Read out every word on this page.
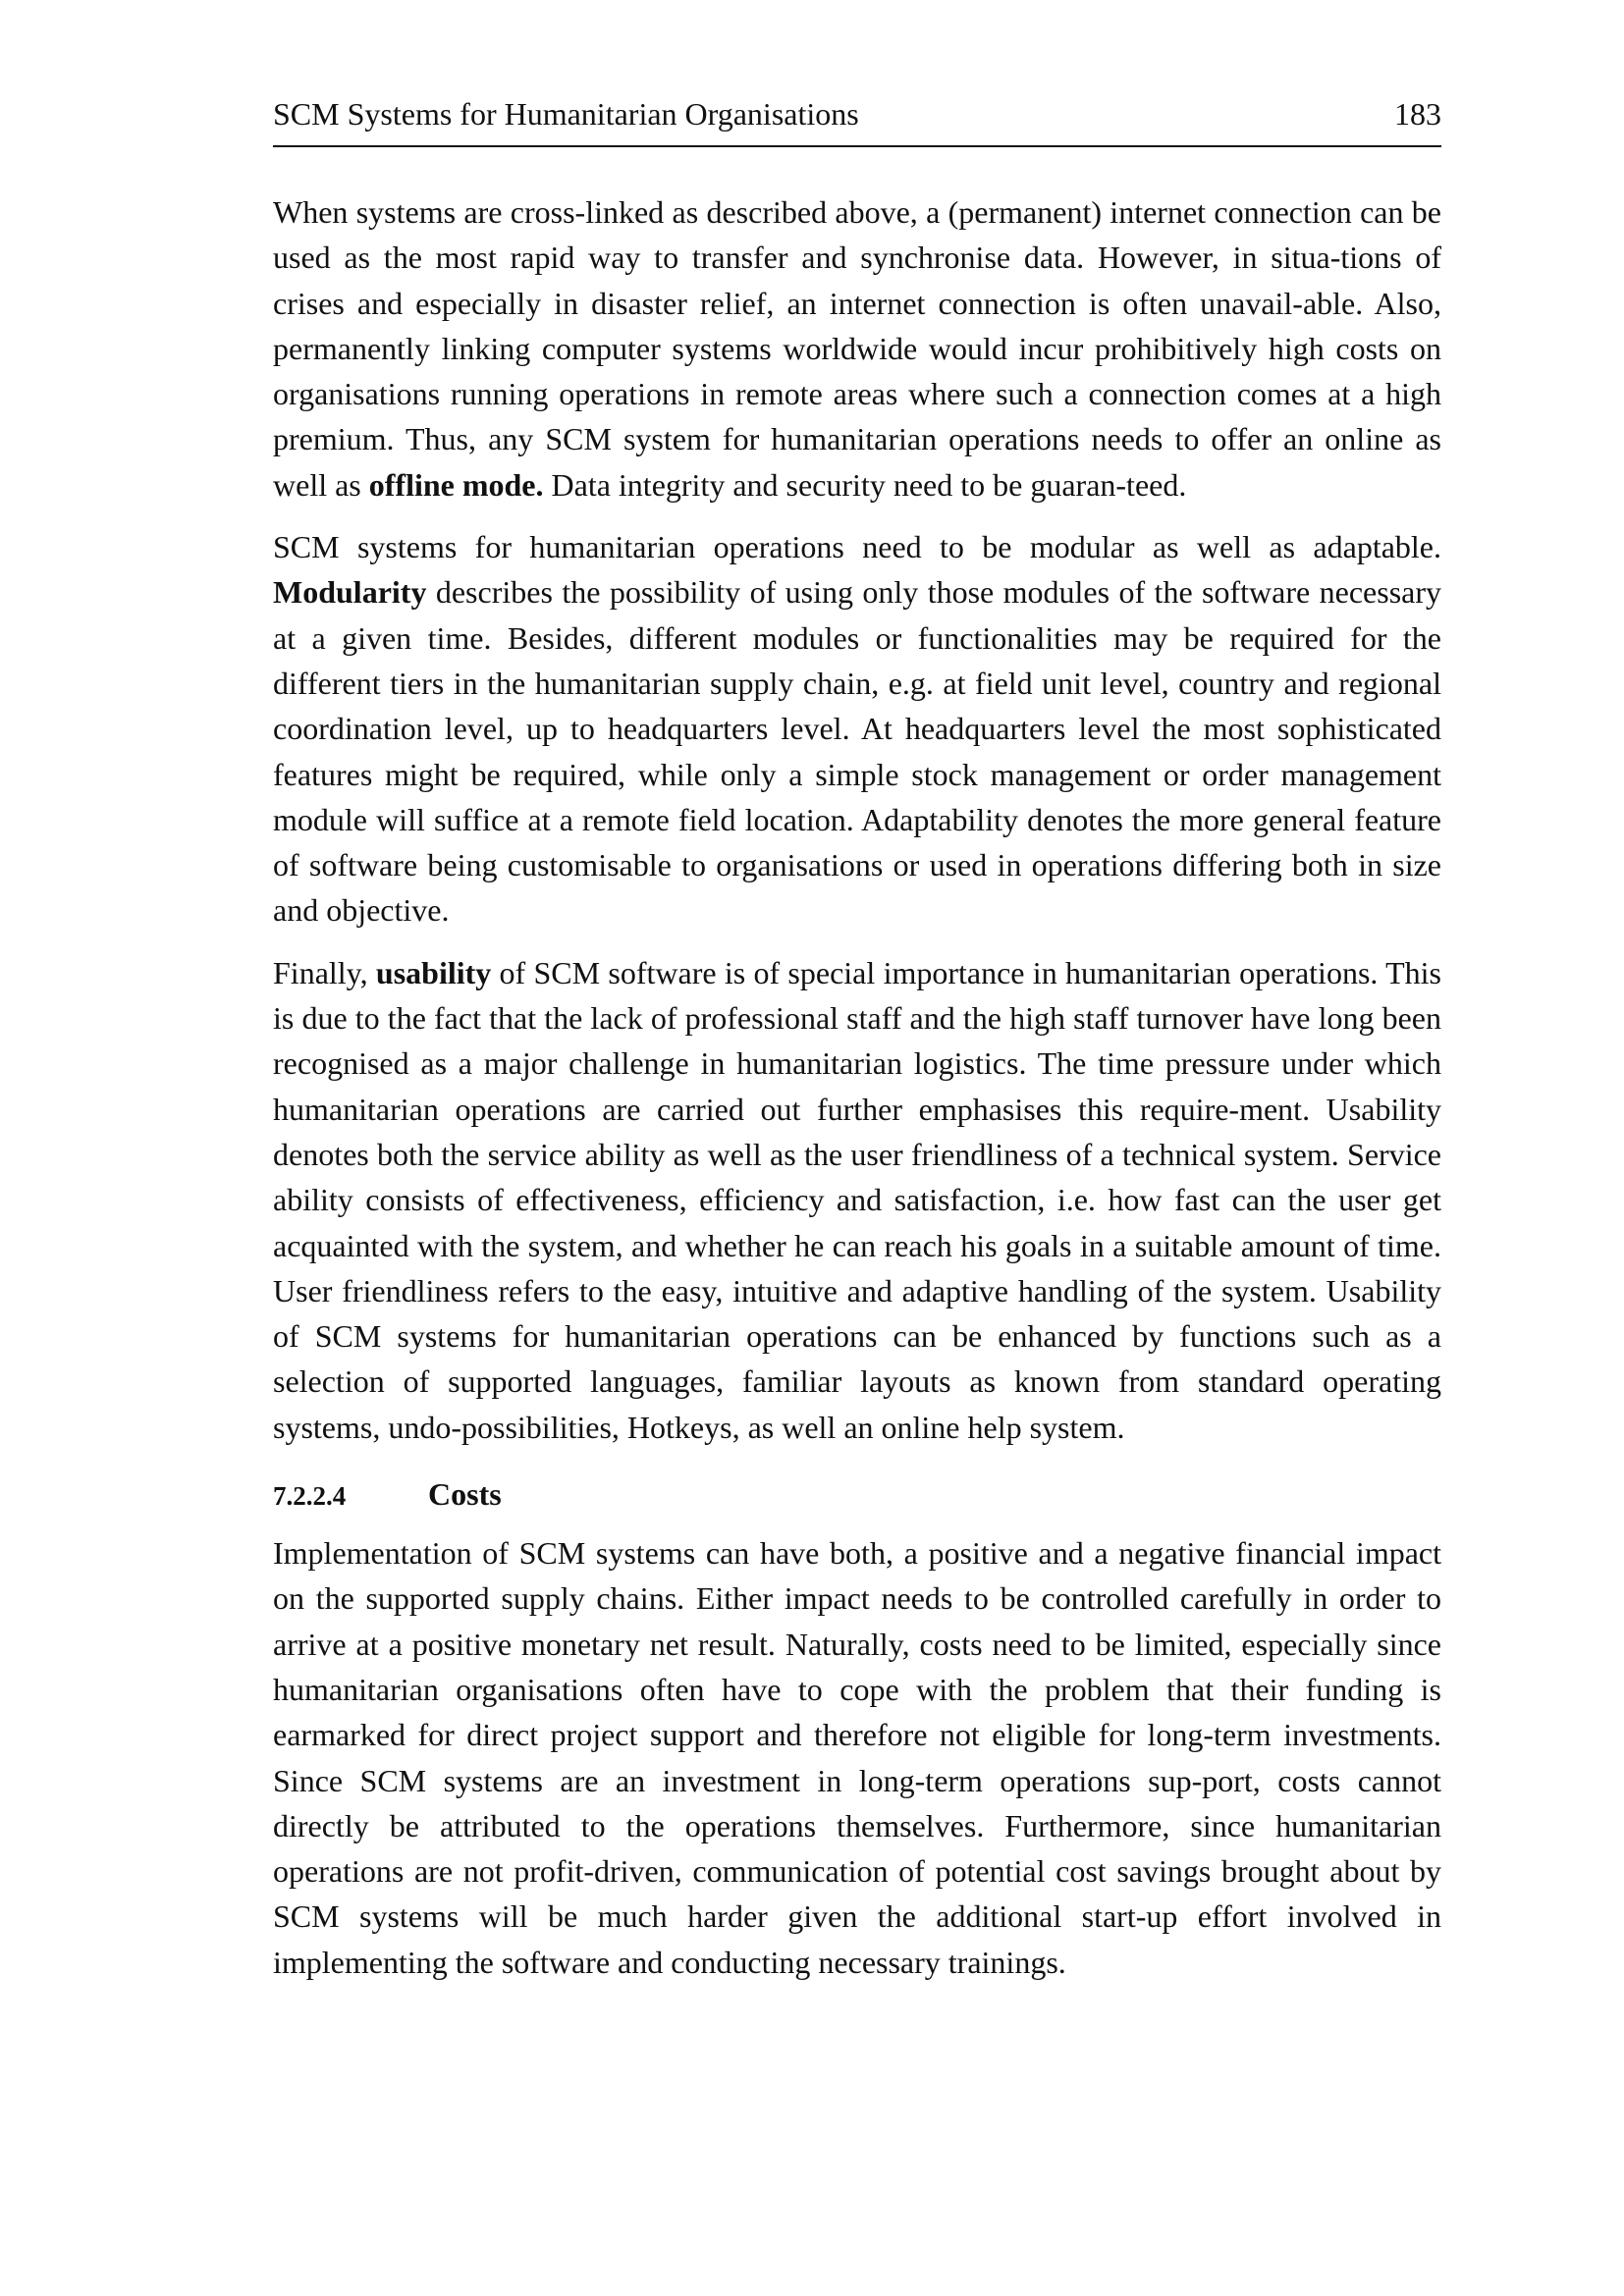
SCM Systems for Humanitarian Organisations	183

When systems are cross-linked as described above, a (permanent) internet connection can be used as the most rapid way to transfer and synchronise data. However, in situa-tions of crises and especially in disaster relief, an internet connection is often unavail-able. Also, permanently linking computer systems worldwide would incur prohibitively high costs on organisations running operations in remote areas where such a connection comes at a high premium. Thus, any SCM system for humanitarian operations needs to offer an online as well as offline mode. Data integrity and security need to be guaran-teed.

SCM systems for humanitarian operations need to be modular as well as adaptable. Modularity describes the possibility of using only those modules of the software necessary at a given time. Besides, different modules or functionalities may be required for the different tiers in the humanitarian supply chain, e.g. at field unit level, country and regional coordination level, up to headquarters level. At headquarters level the most sophisticated features might be required, while only a simple stock management or order management module will suffice at a remote field location. Adaptability denotes the more general feature of software being customisable to organisations or used in operations differing both in size and objective.

Finally, usability of SCM software is of special importance in humanitarian operations. This is due to the fact that the lack of professional staff and the high staff turnover have long been recognised as a major challenge in humanitarian logistics. The time pressure under which humanitarian operations are carried out further emphasises this require-ment. Usability denotes both the service ability as well as the user friendliness of a technical system. Service ability consists of effectiveness, efficiency and satisfaction, i.e. how fast can the user get acquainted with the system, and whether he can reach his goals in a suitable amount of time. User friendliness refers to the easy, intuitive and adaptive handling of the system. Usability of SCM systems for humanitarian operations can be enhanced by functions such as a selection of supported languages, familiar layouts as known from standard operating systems, undo-possibilities, Hotkeys, as well an online help system.

7.2.2.4	Costs

Implementation of SCM systems can have both, a positive and a negative financial impact on the supported supply chains. Either impact needs to be controlled carefully in order to arrive at a positive monetary net result. Naturally, costs need to be limited, especially since humanitarian organisations often have to cope with the problem that their funding is earmarked for direct project support and therefore not eligible for long-term investments. Since SCM systems are an investment in long-term operations sup-port, costs cannot directly be attributed to the operations themselves. Furthermore, since humanitarian operations are not profit-driven, communication of potential cost savings brought about by SCM systems will be much harder given the additional start-up effort involved in implementing the software and conducting necessary trainings.
